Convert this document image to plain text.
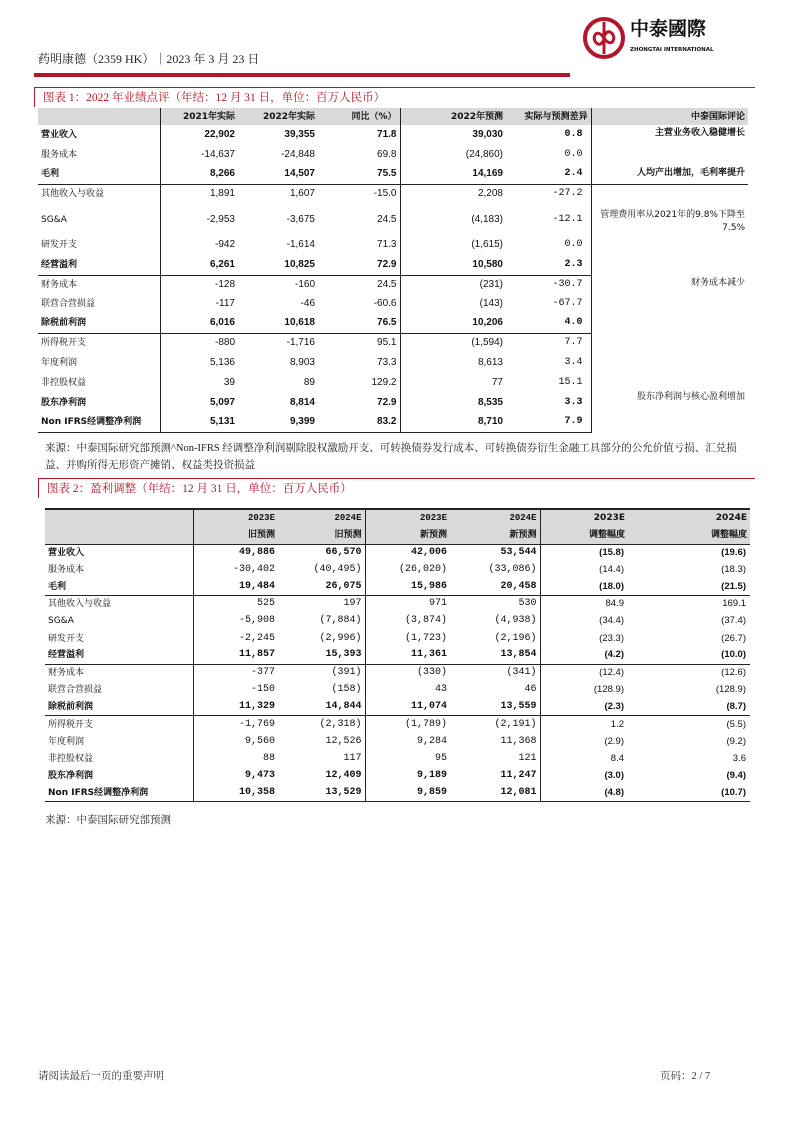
药明康德（2359 HK）｜2023 年 3 月 23 日
中泰國際
ZHONGTAI INTERNATIONAL
图表 1：2022 年业绩点评（年结：12 月 31 日，单位：百万人民币）
	2021年实际	2022年实际	同比（%）	2022年预测	实际与预测差异	中泰国际评论
营业收入	22,902	39,355	71.8	39,030	0.8	主营业务收入稳健增长
服务成本	-14,637	-24,848	69.8	(24,860)	0.0	
毛利	8,266	14,507	75.5	14,169	2.4	人均产出增加，毛利率提升
其他收入与收益	1,891	1,607	-15.0	2,208	-27.2	管理费用率从2021年的9.8%下降至7.5%
SG&A	-2,953	-3,675	24.5	(4,183)	-12.1	
研发开支	-942	-1,614	71.3	(1,615)	0.0	
经营溢利	6,261	10,825	72.9	10,580	2.3	
财务成本	-128	-160	24.5	(231)	-30.7	财务成本减少
联营合营损益	-117	-46	-60.6	(143)	-67.7	
除税前利润	6,016	10,618	76.5	10,206	4.0	
所得税开支	-880	-1,716	95.1	(1,594)	7.7	股东净利润与核心盈利增加
年度利润	5,136	8,903	73.3	8,613	3.4	
非控股权益	39	89	129.2	77	15.1	
股东净利润	5,097	8,814	72.9	8,535	3.3	
Non IFRS经调整净利润	5,131	9,399	83.2	8,710	7.9	
来源：中泰国际研究部预测^Non-IFRS 经调整净利润剔除股权激励开支、可转换债券发行成本、可转换债券衍生金融工具部分的公允价值亏损、汇兑损益、并购所得无形资产摊销、权益类投资损益
图表 2：盈利调整（年结：12 月 31 日，单位：百万人民币）
	2023E	2024E	2023E	2024E	2023E	2024E
	旧预测	旧预测	新预测	新预测	调整幅度	调整幅度
营业收入	49,886	66,570	42,006	53,544	(15.8)	(19.6)
服务成本	-30,402	(40,495)	(26,020)	(33,086)	(14.4)	(18.3)
毛利	19,484	26,075	15,986	20,458	(18.0)	(21.5)
其他收入与收益	525	197	971	530	84.9	169.1
SG&A	-5,908	(7,884)	(3,874)	(4,938)	(34.4)	(37.4)
研发开支	-2,245	(2,996)	(1,723)	(2,196)	(23.3)	(26.7)
经营溢利	11,857	15,393	11,361	13,854	(4.2)	(10.0)
财务成本	-377	(391)	(330)	(341)	(12.4)	(12.6)
联营合营损益	-150	(158)	43	46	(128.9)	(128.9)
除税前利润	11,329	14,844	11,074	13,559	(2.3)	(8.7)
所得税开支	-1,769	(2,318)	(1,789)	(2,191)	1.2	(5.5)
年度利润	9,560	12,526	9,284	11,368	(2.9)	(9.2)
非控股权益	88	117	95	121	8.4	3.6
股东净利润	9,473	12,409	9,189	11,247	(3.0)	(9.4)
Non IFRS经调整净利润	10,358	13,529	9,859	12,081	(4.8)	(10.7)
来源：中泰国际研究部预测
请阅读最后一页的重要声明	页码：2 / 7
